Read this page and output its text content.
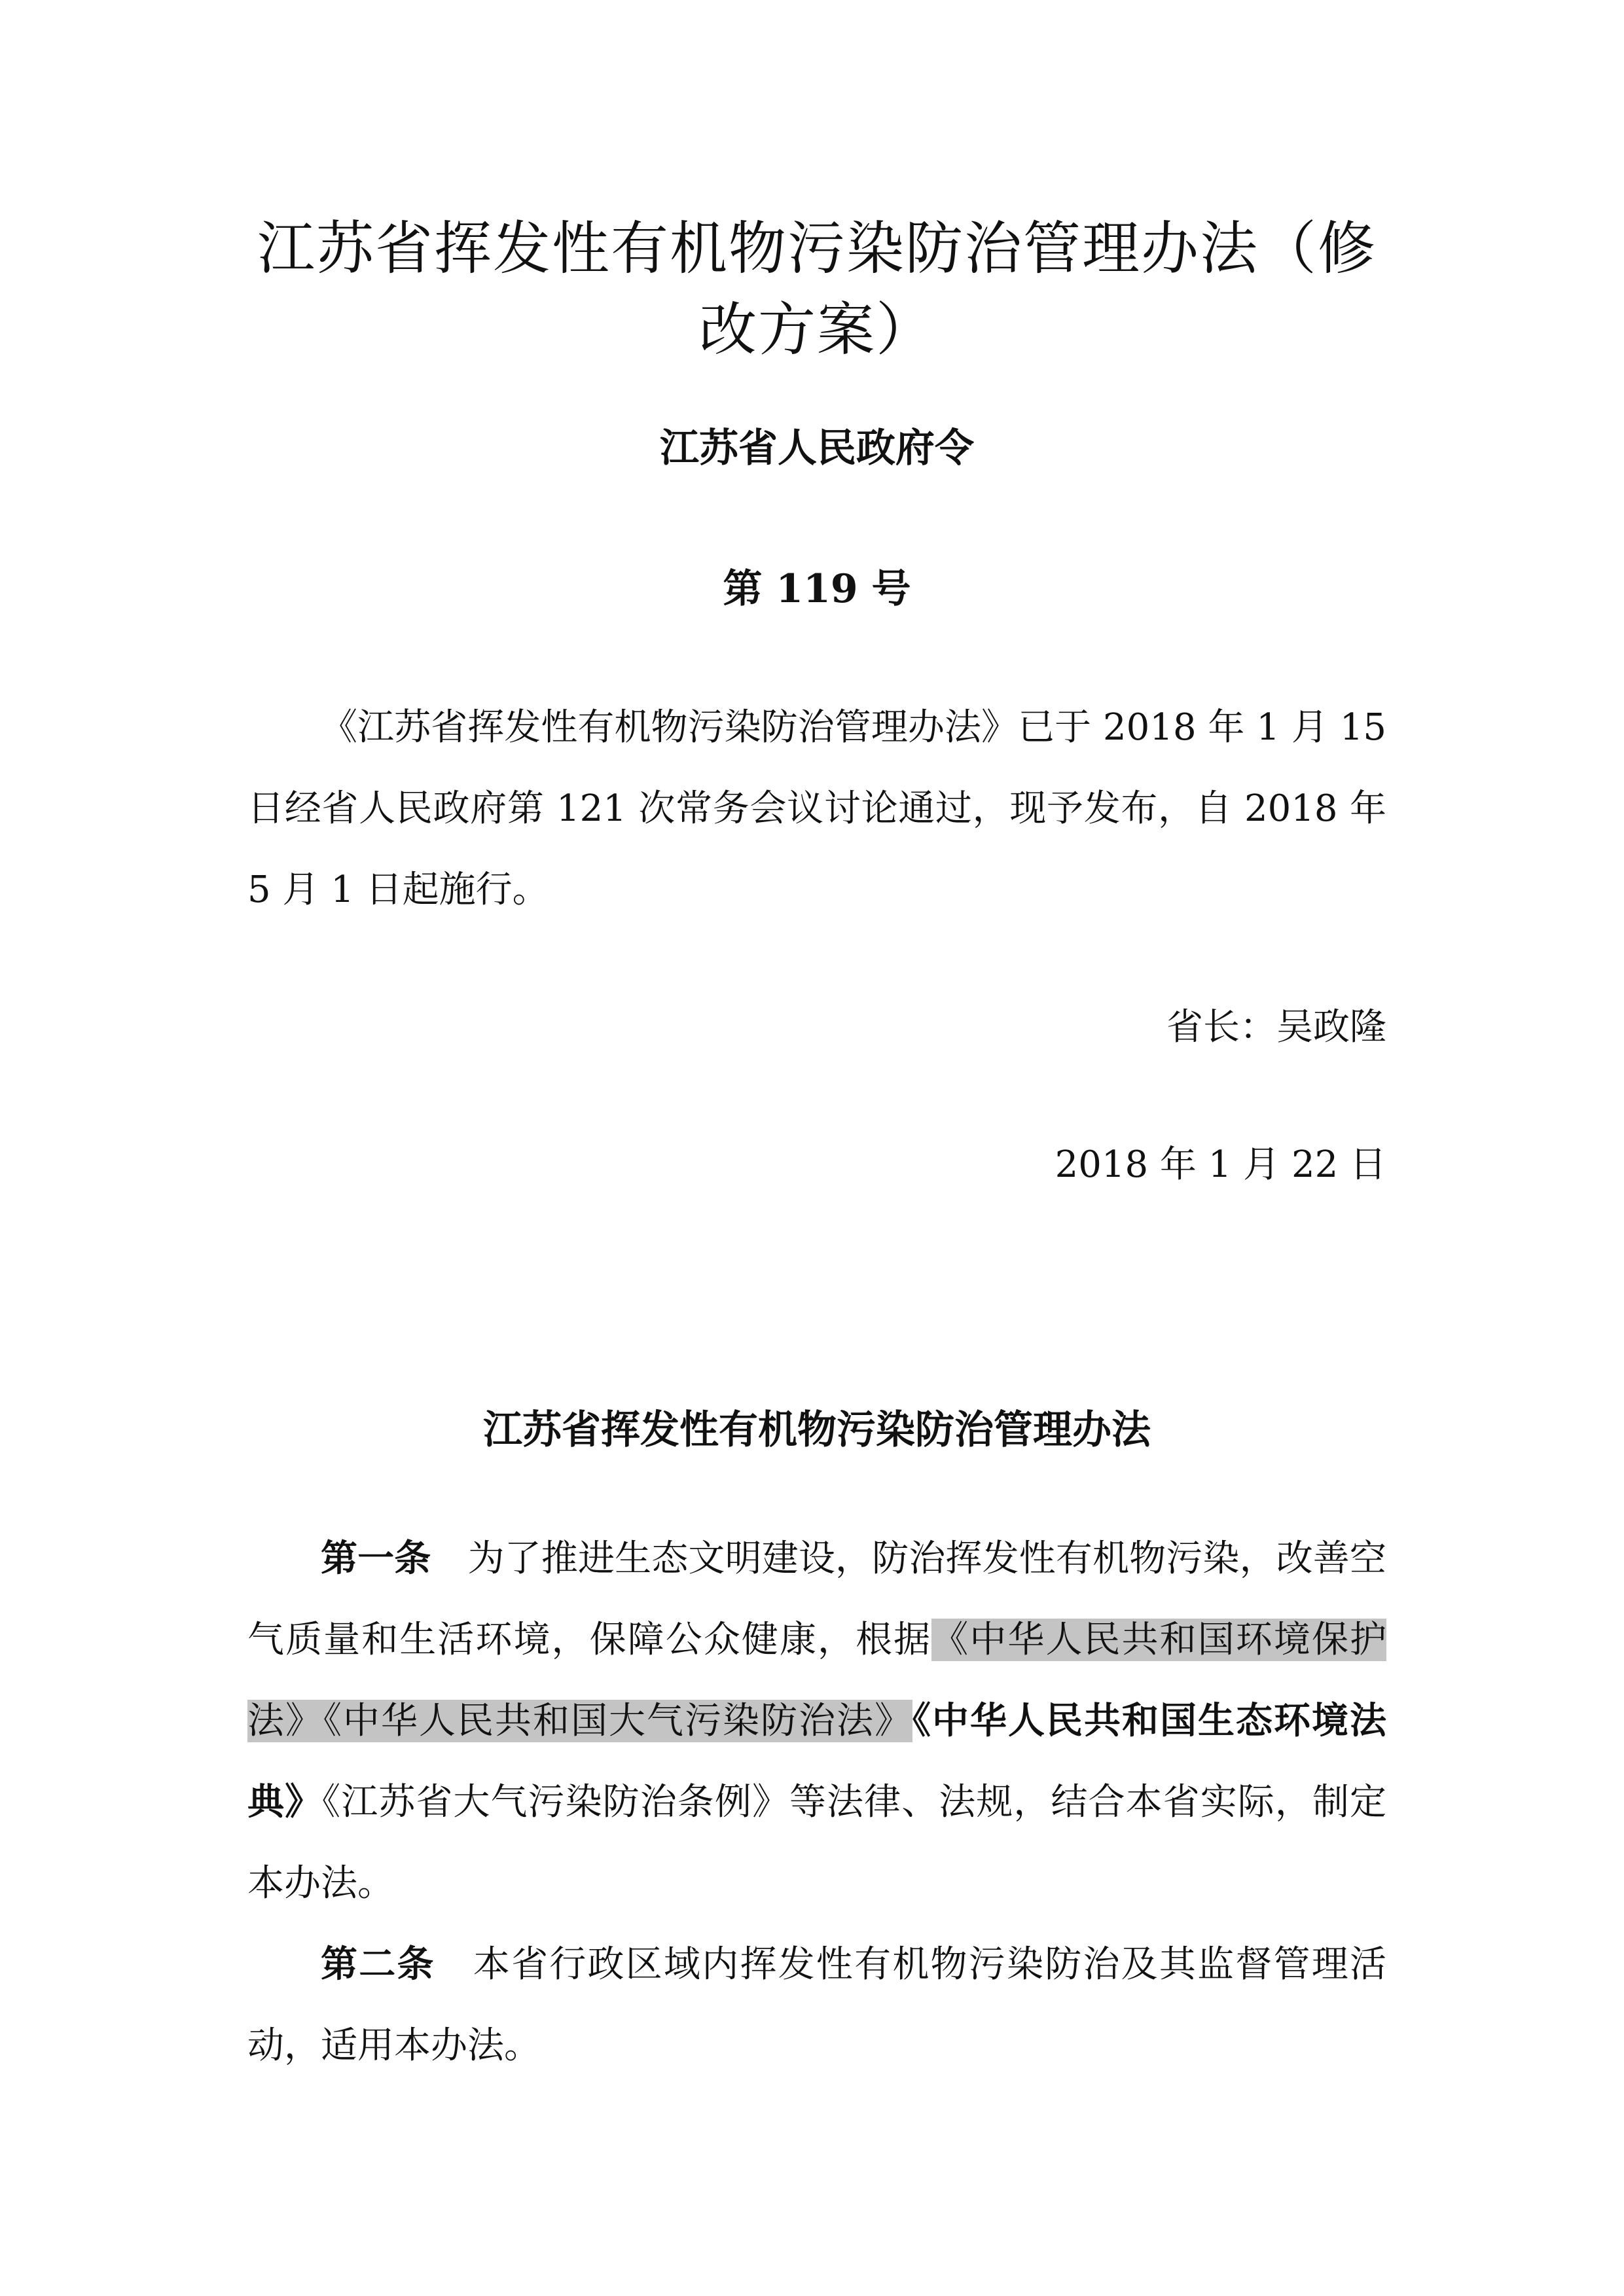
江苏省挥发性有机物污染防治管理办法（修改方案）
江苏省人民政府令
第 119 号

《江苏省挥发性有机物污染防治管理办法》已于 2018 年 1 月 15 日经省人民政府第 121 次常务会议讨论通过，现予发布，自 2018 年 5 月 1 日起施行。

省长：吴政隆
2018 年 1 月 22 日
江苏省挥发性有机物污染防治管理办法

第一条  为了推进生态文明建设，防治挥发性有机物污染，改善空气质量和生活环境，保障公众健康，根据《中华人民共和国环境保护法》《中华人民共和国大气污染防治法》《中华人民共和国生态环境法典》《江苏省大气污染防治条例》等法律、法规，结合本省实际，制定本办法。

第二条  本省行政区域内挥发性有机物污染防治及其监督管理活动，适用本办法。
